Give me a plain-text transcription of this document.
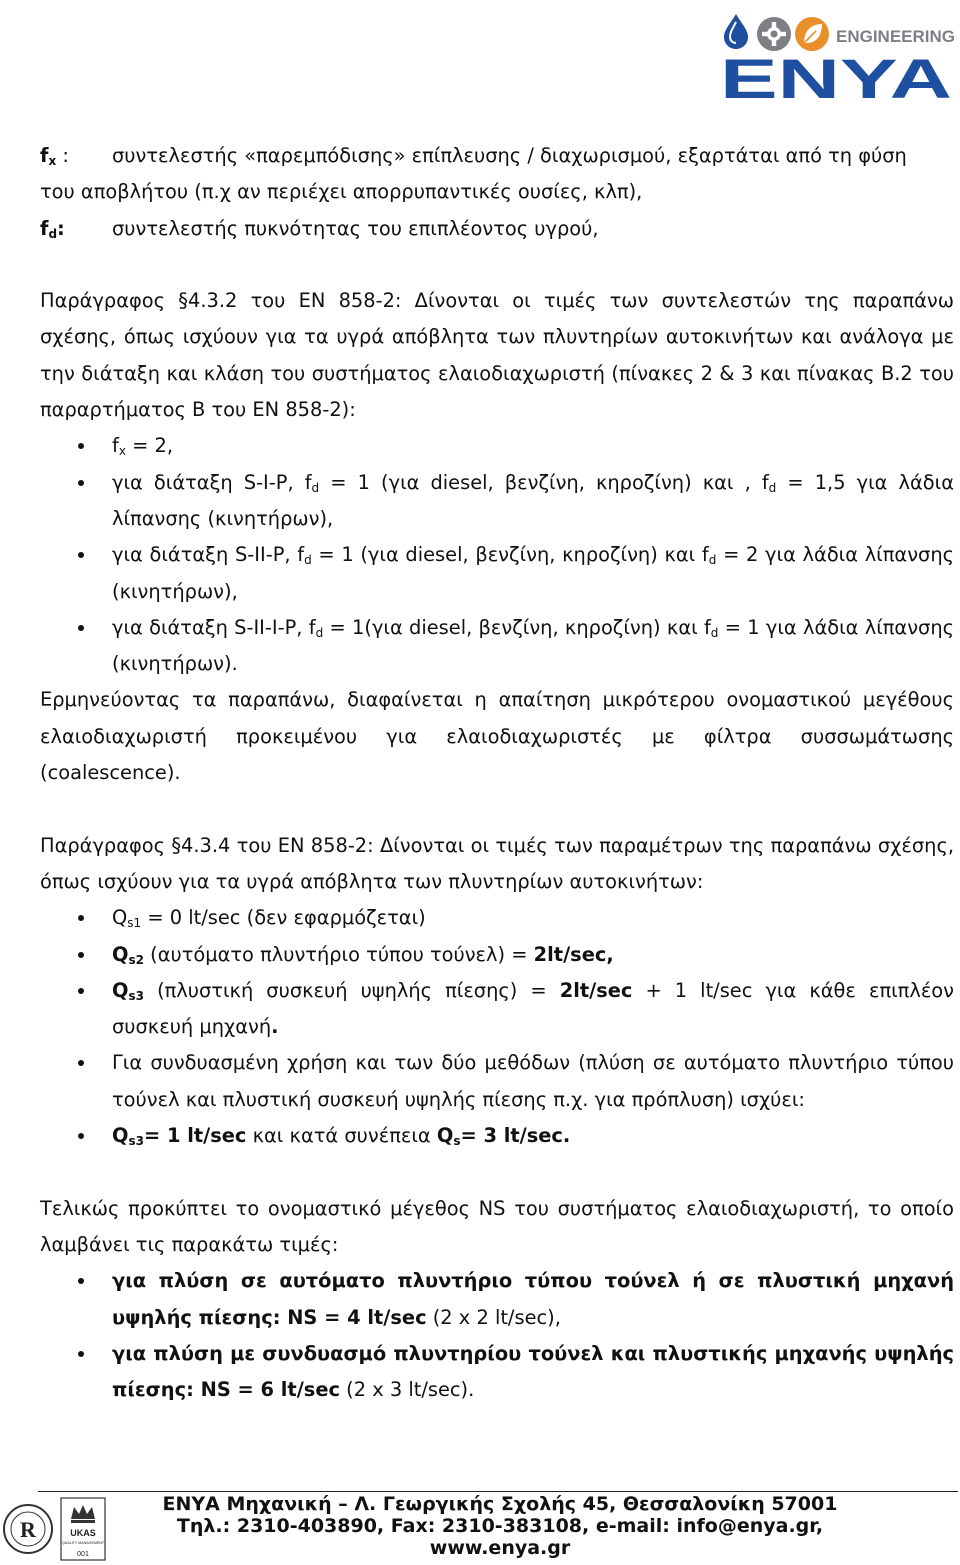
ENGINEERING
ENYA
$f_x$ :	συντελεστής «παρεμπόδισης» επίπλευσης / διαχωρισμού, εξαρτάται από τη φύση

του αποβλήτου (π.χ αν περιέχει απορρυπαντικές ουσίες, κλπ),

$f_d$:	συντελεστής πυκνότητας του επιπλέοντος υγρού,

Παράγραφος §4.3.2 του EN 858-2: Δίνονται οι τιμές των συντελεστών της παραπάνω σχέσης, όπως ισχύουν για τα υγρά απόβλητα των πλυντηρίων αυτοκινήτων και ανάλογα με την διάταξη και κλάση του συστήματος ελαιοδιαχωριστή (πίνακες 2 & 3 και πίνακας Β.2 του παραρτήματος Β του EN 858-2):

$f_x = 2$,
για διάταξη S-I-P, $f_d = 1$ (για diesel, βενζίνη, κηροζίνη) και , $f_d = 1,5$ για λάδια λίπανσης (κινητήρων),
για διάταξη S-II-P, $f_d = 1$ (για diesel, βενζίνη, κηροζίνη) και $f_d = 2$ για λάδια λίπανσης (κινητήρων),
για διάταξη S-II-I-P, $f_d = 1(\gamma\iota\alpha$ diesel, βενζίνη, κηροζίνη) και $f_d = 1$ για λάδια λίπανσης (κινητήρων).

Ερμηνεύοντας τα παραπάνω, διαφαίνεται η απαίτηση μικρότερου ονομαστικού μεγέθους ελαιοδιαχωριστή προκειμένου για ελαιοδιαχωριστές με φίλτρα συσσωμάτωσης (coalescence).

Παράγραφος §4.3.4 του EN 858-2: Δίνονται οι τιμές των παραμέτρων της παραπάνω σχέσης, όπως ισχύουν για τα υγρά απόβλητα των πλυντηρίων αυτοκινήτων:

$Q_{s1} = 0$ lt/sec (δεν εφαρμόζεται)
$Q_{s2}$ (αυτόματο πλυντήριο τύπου τούνελ) = 2lt/sec,
$Q_{s3}$ (πλυστική συσκευή υψηλής πίεσης) = 2lt/sec + 1 lt/sec για κάθε επιπλέον συσκευή μηχανή.
Για συνδυασμένη χρήση και των δύο μεθόδων (πλύση σε αυτόματο πλυντήριο τύπου τούνελ και πλυστική συσκευή υψηλής πίεσης π.χ. για πρόπλυση) ισχύει:
$Q_{s3}= 1$ lt/sec και κατά συνέπεια $Q_s= 3$ lt/sec.

Τελικώς προκύπτει το ονομαστικό μέγεθος NS του συστήματος ελαιοδιαχωριστή, το οποίο λαμβάνει τις παρακάτω τιμές:

για πλύση σε αυτόματο πλυντήριο τύπου τούνελ ή σε πλυστική μηχανή υψηλής πίεσης: NS = 4 lt/sec (2 x 2 lt/sec),
για πλύση με συνδυασμό πλυντηρίου τούνελ και πλυστικής μηχανής υψηλής πίεσης: NS = 6 lt/sec (2 x 3 lt/sec).
R	UKAS
QUALITY MANAGEMENT
001
ΕΝΥΑ Μηχανική – Λ. Γεωργικής Σχολής 45, Θεσσαλονίκη 57001
Τηλ.: 2310-403890, Fax: 2310-383108, e-mail: info@enya.gr, www.enya.gr
